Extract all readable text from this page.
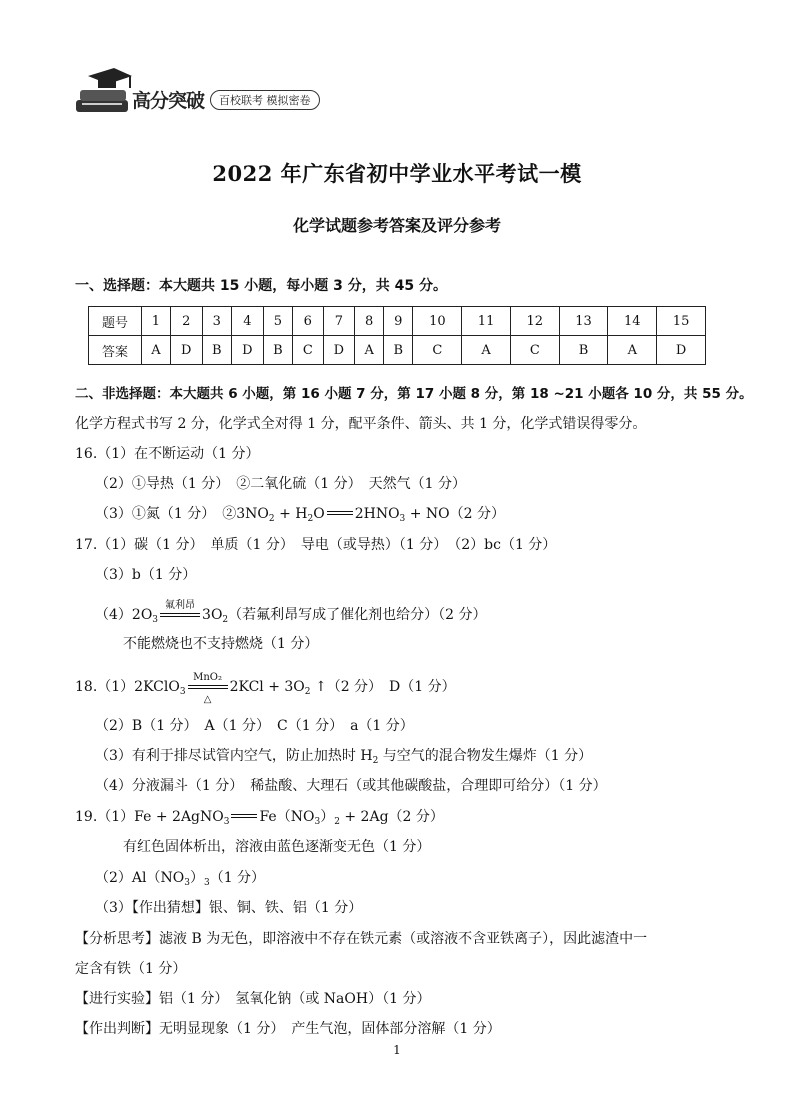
高分突破	百校联考 模拟密卷
2022 年广东省初中学业水平考试一模
化学试题参考答案及评分参考
一、选择题：本大题共 15 小题，每小题 3 分，共 45 分。
题号	1	2	3	4	5	6	7	8	9	10	11	12	13	14	15
答案	A	D	B	D	B	C	D	A	B	C	A	C	B	A	D
二、非选择题：本大题共 6 小题，第 16 小题 7 分，第 17 小题 8 分，第 18 ~21 小题各 10 分，共 55 分。
化学方程式书写 2 分，化学式全对得 1 分，配平条件、箭头、共 1 分，化学式错误得零分。
16.（1）在不断运动（1 分）
（2）①导热（1 分）　②二氧化硫（1 分）　天然气（1 分）
（3）①氮（1 分）　$②3NO_2 + H_2O$ $2HNO_3 + NO(2$ 分）
17.（1）碳（1 分）　单质（1 分）　导电（或导热）（1 分）　（2）bc（1 分）
（3）b（1 分）
$(4)2O_3$
氟利昂
$3O_2$（若氟利昂写成了催化剂也给分）（2 分）
不能燃烧也不支持燃烧（1 分）
18.（1）2KClO$_3$
MnO₂
△
$2KCl + 3O_2$ ↑（2 分）　D（1 分）
（2）B（1 分）　A（1 分）　C（1 分）　a（1 分）
（3）有利于排尽试管内空气，防止加热时 $H_2$ 与空气的混合物发生爆炸（1 分）
（4）分液漏斗（1 分）　稀盐酸、大理石（或其他碳酸盐，合理即可给分）（1 分）
19.（1）Fe + 2AgNO$_3$ $Fe(NO_3)_2 + 2Ag(2$ 分）
有红色固体析出，溶液由蓝色逐渐变无色（1 分）
$(2)Al(NO_3)_3(1$ 分）
（3）【作出猜想】银、铜、铁、铝（1 分）
【分析思考】滤液 B 为无色，即溶液中不存在铁元素（或溶液不含亚铁离子），因此滤渣中一
定含有铁（1 分）
【进行实验】铝（1 分）　氢氧化钠（或 NaOH）（1 分）
【作出判断】无明显现象（1 分）　产生气泡，固体部分溶解（1 分）
1
